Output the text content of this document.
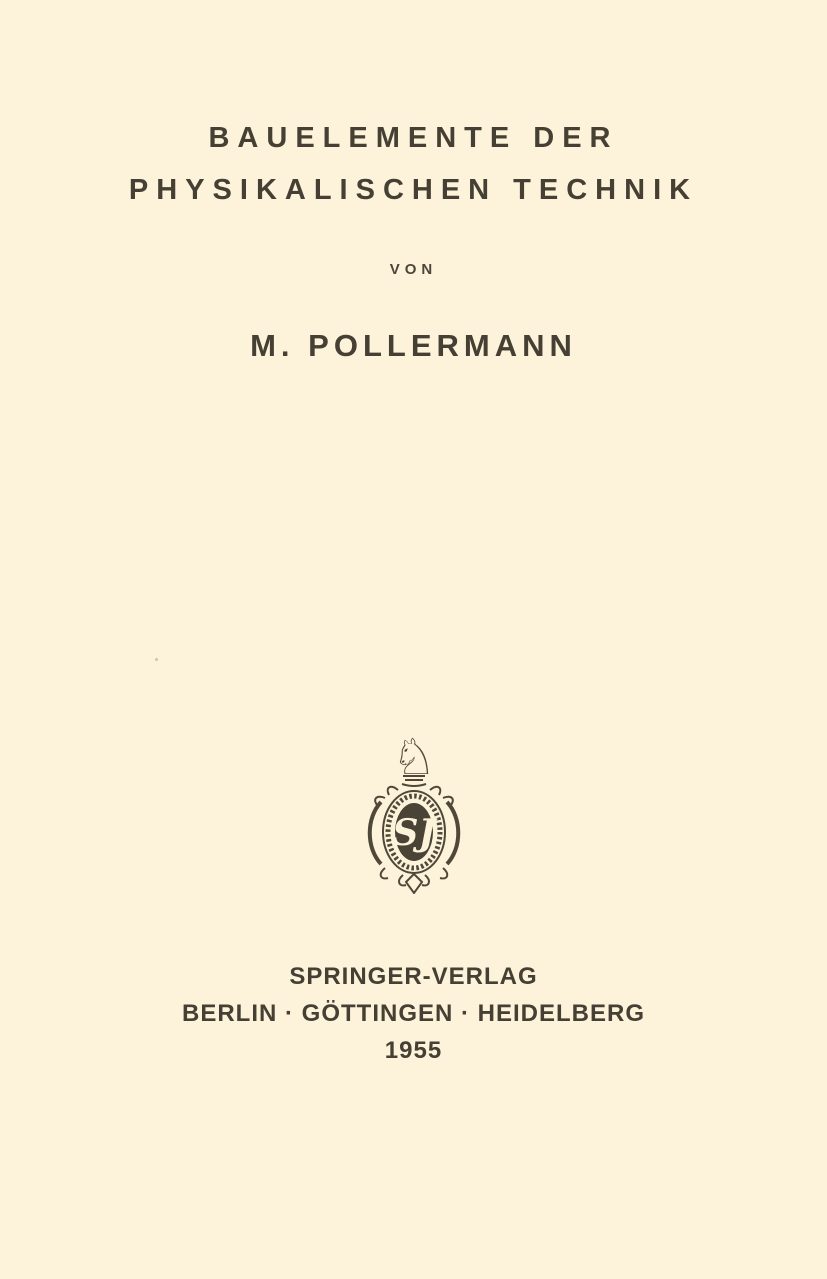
BAUELEMENTE DER
PHYSIKALISCHEN TECHNIK
VON
M. POLLERMANN
♘
SJ
SPRINGER-VERLAG
BERLIN · GÖTTINGEN · HEIDELBERG
1955
